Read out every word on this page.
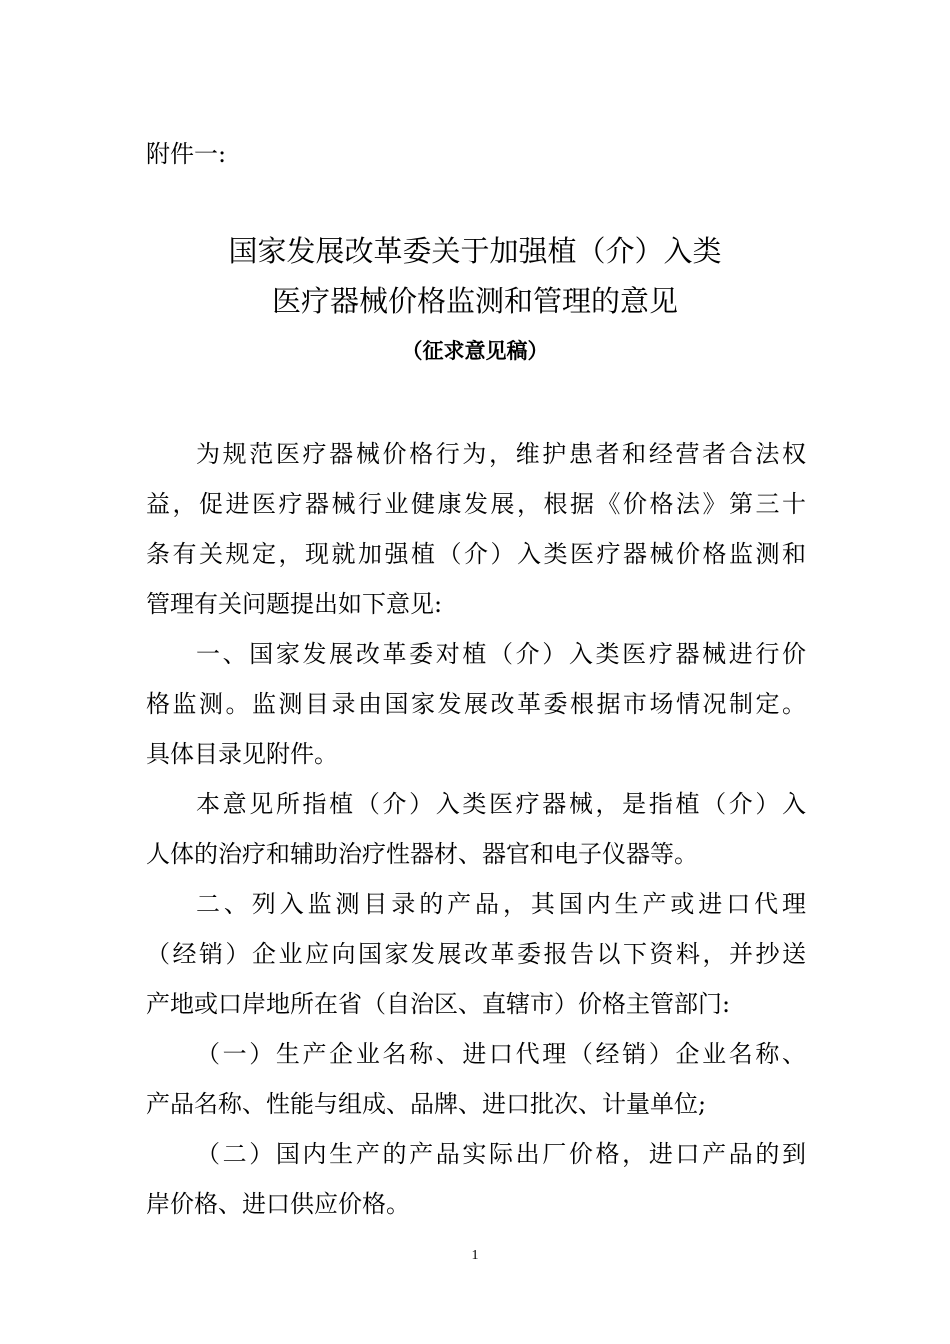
附件一:
国家发展改革委关于加强植（介）入类
医疗器械价格监测和管理的意见
（征求意见稿）
为规范医疗器械价格行为，维护患者和经营者合法权
益，促进医疗器械行业健康发展，根据《价格法》第三十
条有关规定，现就加强植（介）入类医疗器械价格监测和
管理有关问题提出如下意见:
一、国家发展改革委对植（介）入类医疗器械进行价
格监测。监测目录由国家发展改革委根据市场情况制定。
具体目录见附件。
本意见所指植（介）入类医疗器械，是指植（介）入
人体的治疗和辅助治疗性器材、器官和电子仪器等。
二、列入监测目录的产品，其国内生产或进口代理
（经销）企业应向国家发展改革委报告以下资料，并抄送
产地或口岸地所在省（自治区、直辖市）价格主管部门:
（一）生产企业名称、进口代理（经销）企业名称、
产品名称、性能与组成、品牌、进口批次、计量单位;
（二）国内生产的产品实际出厂价格，进口产品的到
岸价格、进口供应价格。
1
